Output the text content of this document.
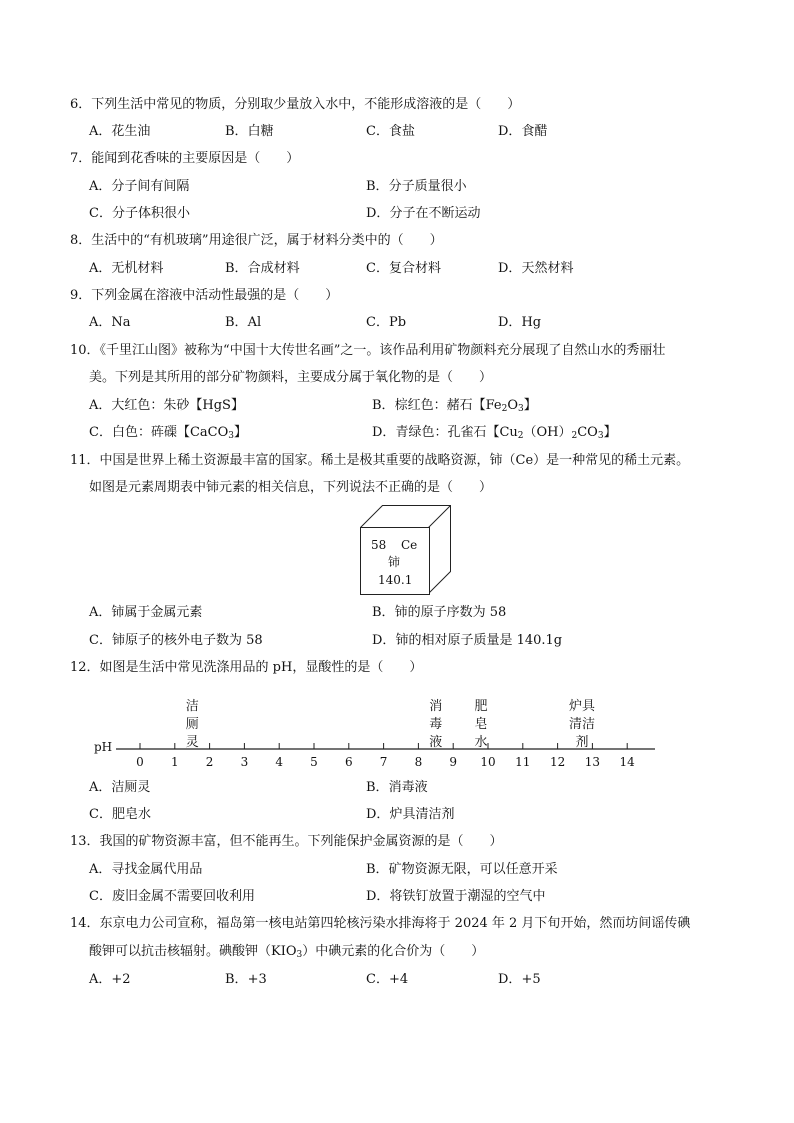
6．下列生活中常见的物质，分别取少量放入水中，不能形成溶液的是（　　）
A．花生油	B．白糖	C．食盐	D．食醋
7．能闻到花香味的主要原因是（　　）
A．分子间有间隔	B．分子质量很小
C．分子体积很小	D．分子在不断运动
8．生活中的“有机玻璃”用途很广泛，属于材料分类中的（　　）
A．无机材料	B．合成材料	C．复合材料	D．天然材料
9．下列金属在溶液中活动性最强的是（　　）
A．Na	B．Al	C．Pb	D．Hg
10．《千里江山图》被称为“中国十大传世名画”之一。该作品利用矿物颜料充分展现了自然山水的秀丽壮
美。下列是其所用的部分矿物颜料，主要成分属于氧化物的是（　　）
A．大红色：朱砂【HgS】	B．棕红色：赭石【$Fe_2O_3$】
C．白色：砗磲【CaCO$_3$】	D．青绿色：孔雀石【$Cu_2(OH)_2CO_3$】
11．中国是世界上稀土资源最丰富的国家。稀土是极其重要的战略资源，铈（Ce）是一种常见的稀土元素。
如图是元素周期表中铈元素的相关信息，下列说法不正确的是（　　）
58 Ce
铈
140.1
A．铈属于金属元素	B．铈的原子序数为 58
C．铈原子的核外电子数为 58	D．铈的相对原子质量是 140.1g
12．如图是生活中常见洗涤用品的 pH，显酸性的是（　　）
pH
0 1 2 3 4 5 6 7 8 9 10 11 12 13 14
洁
厕
灵
消
毒
液
肥
皂
水
炉具
清洁
剂
A．洁厕灵	B．消毒液
C．肥皂水	D．炉具清洁剂
13．我国的矿物资源丰富，但不能再生。下列能保护金属资源的是（　　）
A．寻找金属代用品	B．矿物资源无限，可以任意开采
C．废旧金属不需要回收利用	D．将铁钉放置于潮湿的空气中
14．东京电力公司宣称，福岛第一核电站第四轮核污染水排海将于 2024 年 2 月下旬开始，然而坊间谣传碘
酸钾可以抗击核辐射。碘酸钾$(KIO_3)$中碘元素的化合价为（　　）
A．+2	B．+3	C．+4	D．+5
